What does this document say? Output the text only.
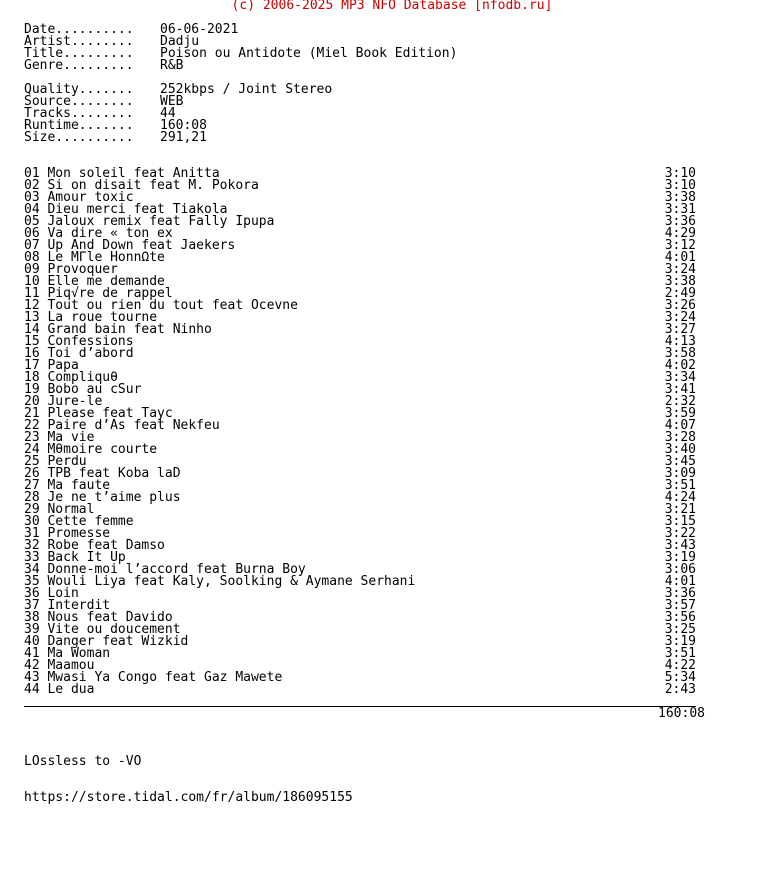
(c) 2006-2025 MP3 NFO Database [nfodb.ru]
Date.......... 06-06-2021
Artist........ Dadju
Title......... Poison ou Antidote (Miel Book Edition)
Genre......... R&B
Quality....... 252kbps / Joint Stereo
Source........ WEB
Tracks........ 44
Runtime....... 160:08
Size.......... 291,21
01 Mon soleil feat Anitta	3:10
02 Si on disait feat M. Pokora	3:10
03 Amour toxic	3:38
04 Dieu merci feat Tiakola	3:31
05 Jaloux remix feat Fally Ipupa	3:36
06 Va dire « ton ex	4:29
07 Up And Down feat Jaekers	3:12
08 Le MΓle HonnΩte	4:01
09 Provoquer	3:24
10 Elle me demande	3:38
11 Piq√re de rappel	2:49
12 Tout ou rien du tout feat Ocevne	3:26
13 La roue tourne	3:24
14 Grand bain feat Ninho	3:27
15 Confessions	4:13
16 Toi d’abord	3:58
17 Papa	4:02
18 Compliquθ	3:34
19 Bobo au cSur	3:41
20 Jure-le	2:32
21 Please feat Tayc	3:59
22 Paire d’As feat Nekfeu	4:07
23 Ma vie	3:28
24 Mθmoire courte	3:40
25 Perdu	3:45
26 TPB feat Koba laD	3:09
27 Ma faute	3:51
28 Je ne t’aime plus	4:24
29 Normal	3:21
30 Cette femme	3:15
31 Promesse	3:22
32 Robe feat Damso	3:43
33 Back It Up	3:19
34 Donne-moi l’accord feat Burna Boy	3:06
35 Wouli Liya feat Kaly, Soolking & Aymane Serhani	4:01
36 Loin	3:36
37 Interdit	3:57
38 Nous feat Davido	3:56
39 Vite ou doucement	3:25
40 Danger feat Wizkid	3:19
41 Ma Woman	3:51
42 Maamou	4:22
43 Mwasi Ya Congo feat Gaz Mawete	5:34
44 Le dua	2:43
160:08
LOssless to -VO
https://store.tidal.com/fr/album/186095155
